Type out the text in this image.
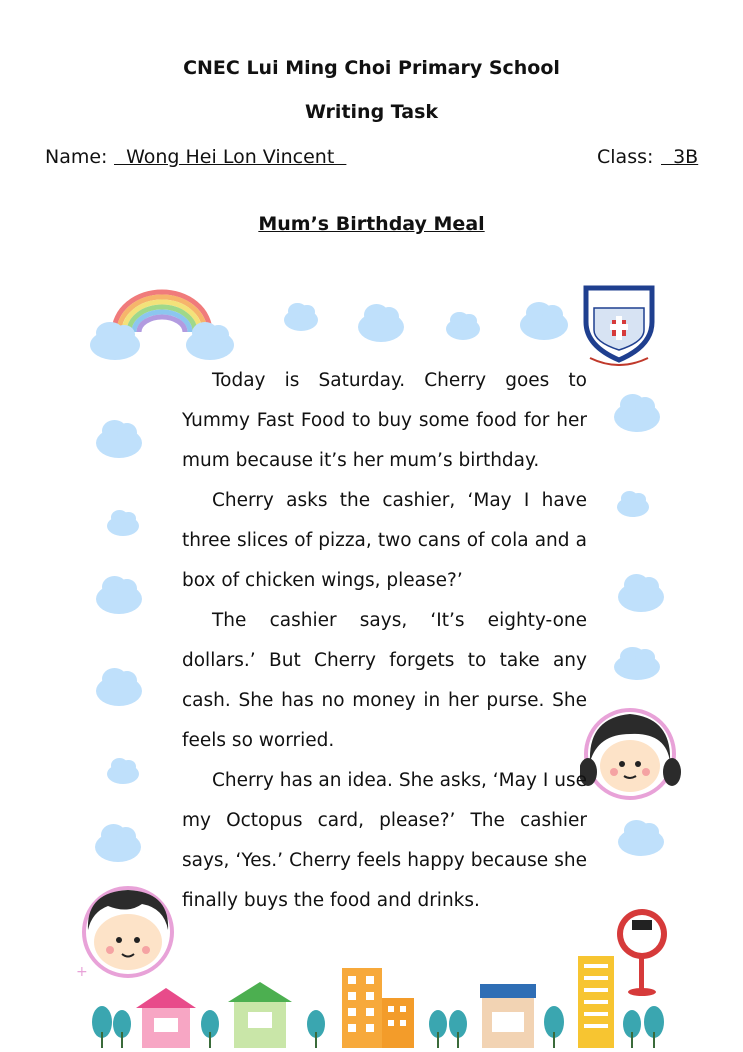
CNEC Lui Ming Choi Primary School
Writing Task
Name: Wong Hei Lon Vincent	Class: 3B
Mum’s Birthday Meal
+

Today is Saturday. Cherry goes to Yummy Fast Food to buy some food for her mum because it’s her mum’s birthday.

Cherry asks the cashier, ‘May I have three slices of pizza, two cans of cola and a box of chicken wings, please?’

The cashier says, ‘It’s eighty-one dollars.’ But Cherry forgets to take any cash. She has no money in her purse. She feels so worried.

Cherry has an idea. She asks, ‘May I use my Octopus card, please?’ The cashier says, ‘Yes.’ Cherry feels happy because she finally buys the food and drinks.
